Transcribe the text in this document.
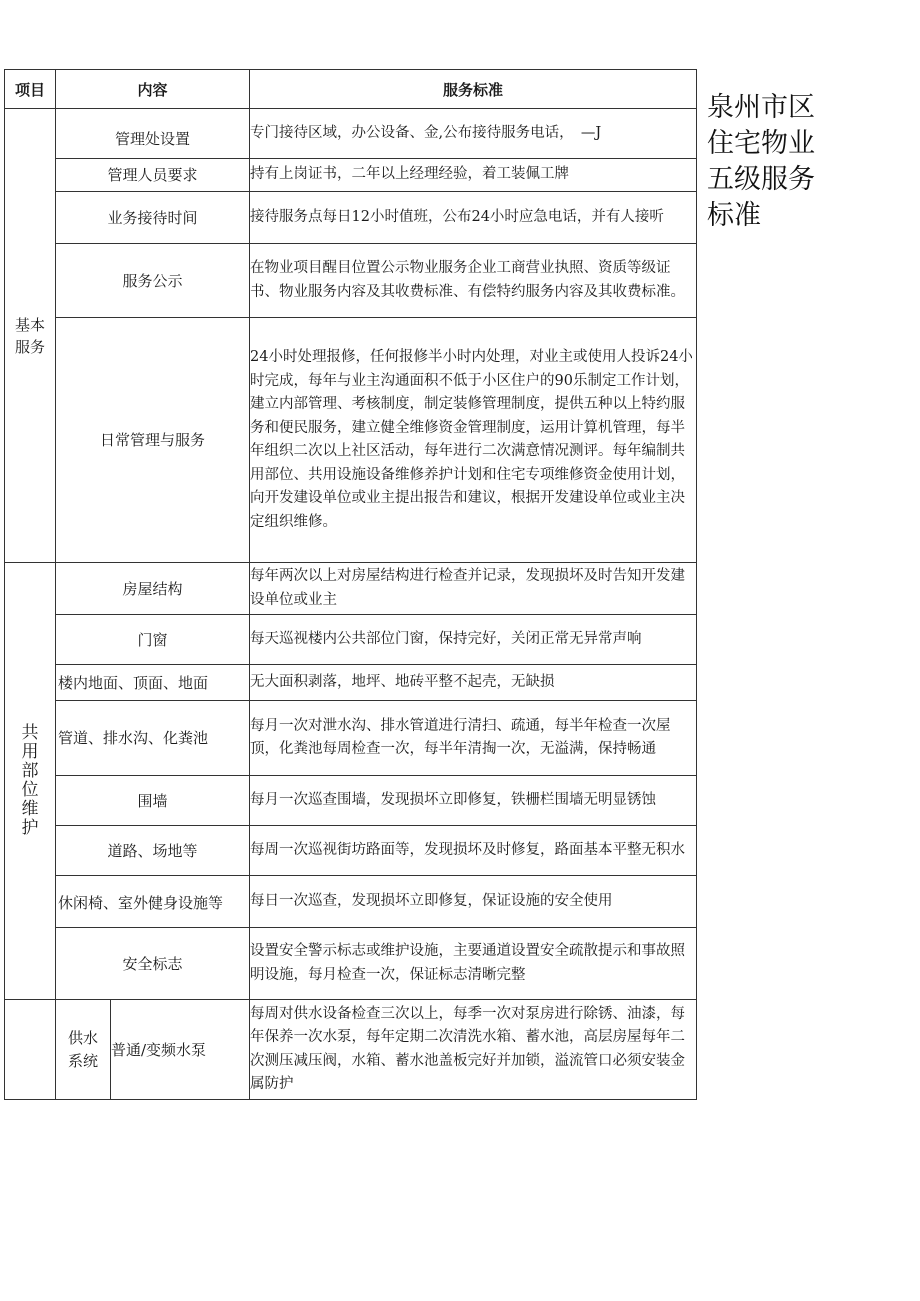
泉州市区住宅物业五级服务标准
项目	内容		服务标准

基本服务	管理处设置		专门接待区域，办公设备、金,公布接待服务电话，　—J
	管理人员要求		持有上岗证书，二年以上经理经验，着工装佩工牌
	业务接待时间		接待服务点每日12小时值班，公布24小时应急电话，并有人接听
	服务公示		在物业项目醒目位置公示物业服务企业工商营业执照、资质等级证书、物业服务内容及其收费标准、有偿特约服务内容及其收费标准。
	日常管理与服务		24小时处理报修，任何报修半小时内处理，对业主或使用人投诉24小时完成，每年与业主沟通面积不低于小区住户的90乐制定工作计划，建立内部管理、考核制度，制定装修管理制度，提供五种以上特约服务和便民服务，建立健全维修资金管理制度，运用计算机管理，每半年组织二次以上社区活动，每年进行二次满意情况测评。每年编制共用部位、共用设施设备维修养护计划和住宅专项维修资金使用计划，向开发建设单位或业主提出报告和建议，根据开发建设单位或业主决定组织维修。

共用部位维护	房屋结构		每年两次以上对房屋结构进行检查并记录，发现损坏及时告知开发建设单位或业主
	门窗		每天巡视楼内公共部位门窗，保持完好，关闭正常无异常声响
	楼内地面、顶面、地面		无大面积剥落，地坪、地砖平整不起壳，无缺损
	管道、排水沟、化粪池		每月一次对泄水沟、排水管道进行清扫、疏通，每半年检查一次屋顶，化粪池每周检查一次，每半年清掏一次，无溢满，保持畅通
	围墙		每月一次巡查围墙，发现损坏立即修复，铁栅栏围墙无明显锈蚀
	道路、场地等		每周一次巡视街坊路面等，发现损坏及时修复，路面基本平整无积水
	休闲椅、室外健身设施等		每日一次巡查，发现损坏立即修复，保证设施的安全使用
	安全标志		设置安全警示标志或维护设施，主要通道设置安全疏散提示和事故照明设施，每月检查一次，保证标志清晰完整

	供水系统	普通/变频水泵	每周对供水设备检查三次以上，每季一次对泵房进行除锈、油漆，每年保养一次水泵，每年定期二次清洗水箱、蓄水池，高层房屋每年二次测压减压阀，水箱、蓄水池盖板完好并加锁，溢流管口必须安装金属防护
